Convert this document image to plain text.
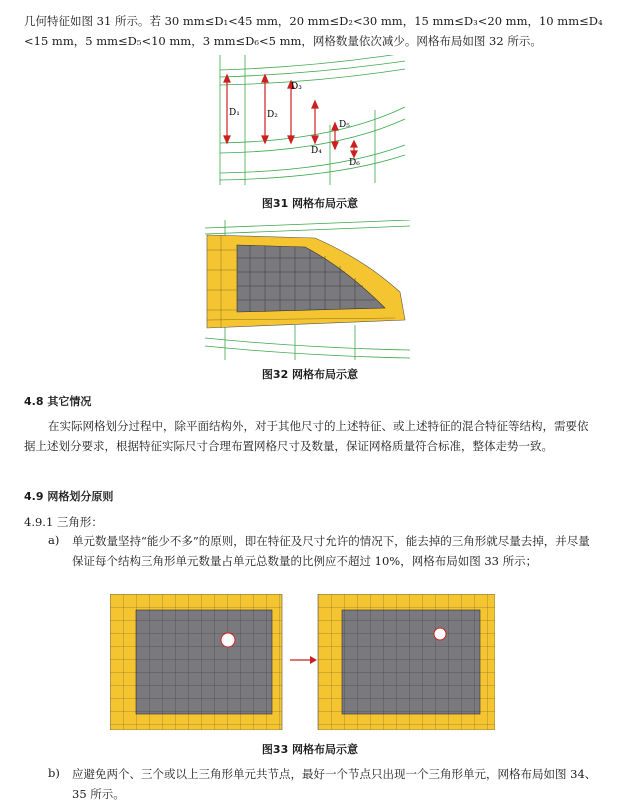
几何特征如图 31 所示。若 30 mm≤D₁<45 mm，20 mm≤D₂<30 mm，15 mm≤D₃<20 mm，10 mm≤D₄
<15 mm，5 mm≤D₅<10 mm，3 mm≤D₆<5 mm，网格数量依次减少。网格布局如图 32 所示。
D₁	D₂
D₃
D₄
D₅
D₆
图31 网格布局示意
图32 网格布局示意
4.8 其它情况
在实际网格划分过程中，除平面结构外，对于其他尺寸的上述特征、或上述特征的混合特征等结构，需要依据上述划分要求，根据特征实际尺寸合理布置网格尺寸及数量，保证网格质量符合标准，整体走势一致。
4.9 网格划分原则
4.9.1 三角形：
a) 单元数量坚持“能少不多”的原则，即在特征及尺寸允许的情况下，能去掉的三角形就尽量去掉，并尽量保证每个结构三角形单元数量占单元总数量的比例应不超过 10%，网格布局如图 33 所示；
图33 网格布局示意
b) 应避免两个、三个或以上三角形单元共节点，最好一个节点只出现一个三角形单元，网格布局如图 34、35 所示。
